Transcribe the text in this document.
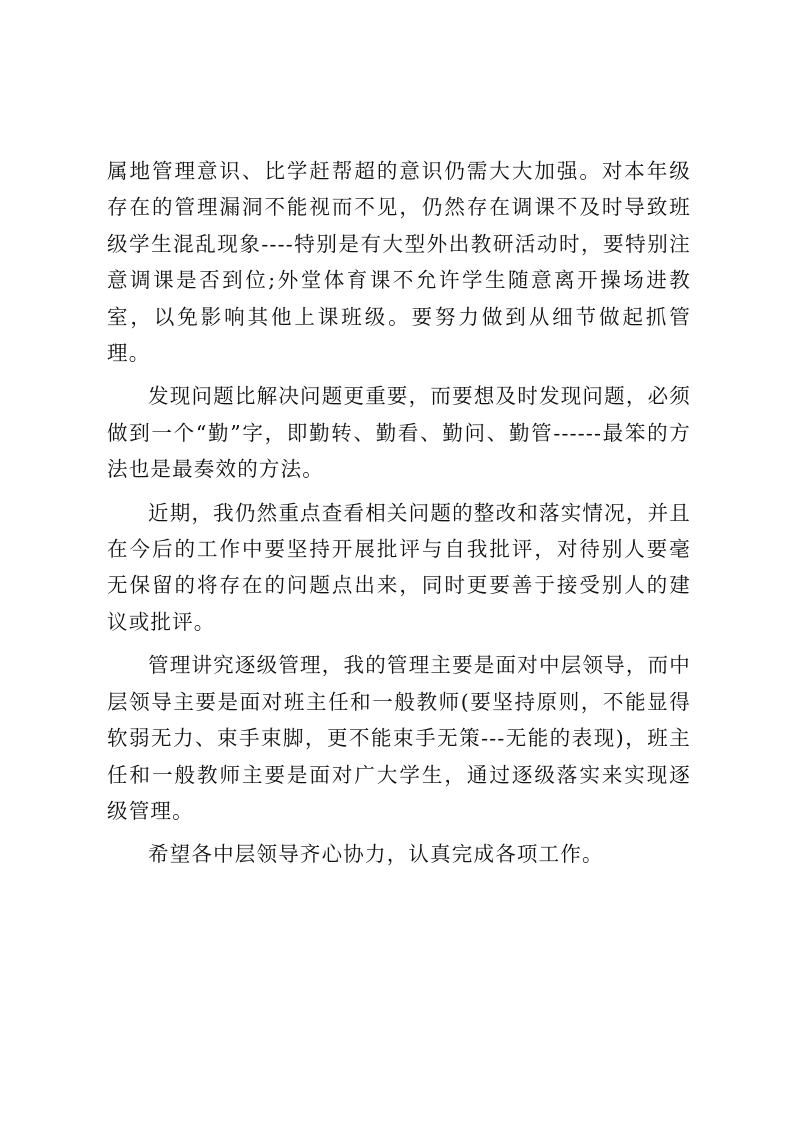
属地管理意识、比学赶帮超的意识仍需大大加强。对本年级存在的管理漏洞不能视而不见，仍然存在调课不及时导致班级学生混乱现象----特别是有大型外出教研活动时，要特别注意调课是否到位;外堂体育课不允许学生随意离开操场进教室，以免影响其他上课班级。要努力做到从细节做起抓管理。

发现问题比解决问题更重要，而要想及时发现问题，必须做到一个“勤”字，即勤转、勤看、勤问、勤管------最笨的方法也是最奏效的方法。

近期，我仍然重点查看相关问题的整改和落实情况，并且在今后的工作中要坚持开展批评与自我批评，对待别人要毫无保留的将存在的问题点出来，同时更要善于接受别人的建议或批评。

管理讲究逐级管理，我的管理主要是面对中层领导，而中层领导主要是面对班主任和一般教师(要坚持原则，不能显得软弱无力、束手束脚，更不能束手无策---无能的表现)，班主任和一般教师主要是面对广大学生，通过逐级落实来实现逐级管理。

希望各中层领导齐心协力，认真完成各项工作。
